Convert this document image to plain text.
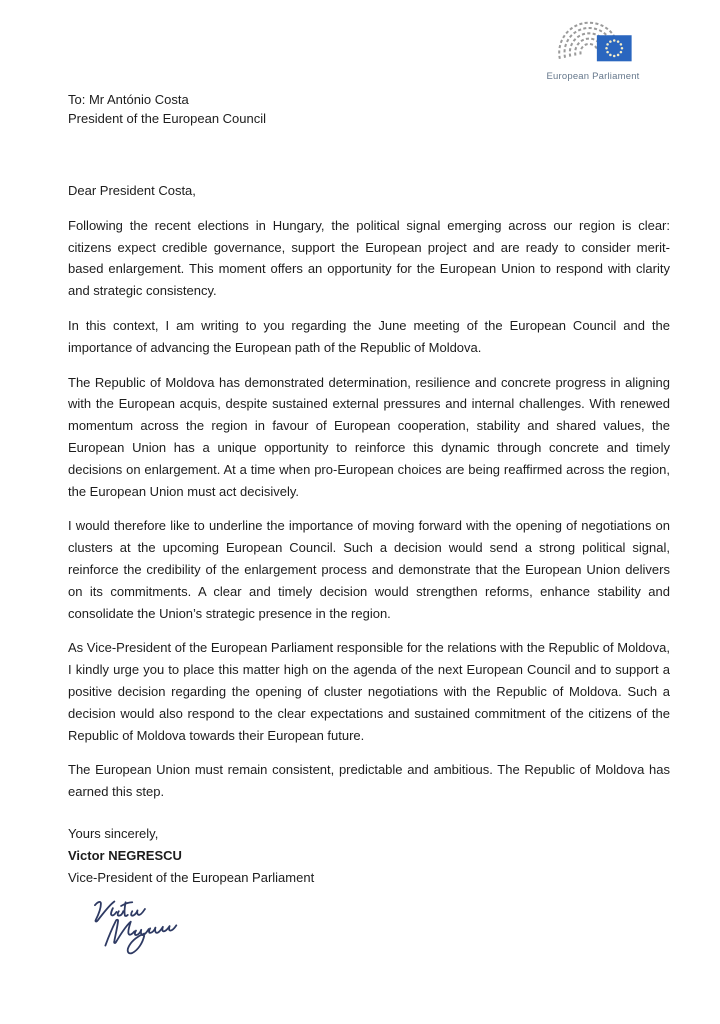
European Parliament
To: Mr António Costa
President of the European Council
Dear President Costa,

Following the recent elections in Hungary, the political signal emerging across our region is clear: citizens expect credible governance, support the European project and are ready to consider merit-based enlargement. This moment offers an opportunity for the European Union to respond with clarity and strategic consistency.

In this context, I am writing to you regarding the June meeting of the European Council and the importance of advancing the European path of the Republic of Moldova.

The Republic of Moldova has demonstrated determination, resilience and concrete progress in aligning with the European acquis, despite sustained external pressures and internal challenges. With renewed momentum across the region in favour of European cooperation, stability and shared values, the European Union has a unique opportunity to reinforce this dynamic through concrete and timely decisions on enlargement. At a time when pro-European choices are being reaffirmed across the region, the European Union must act decisively.

I would therefore like to underline the importance of moving forward with the opening of negotiations on clusters at the upcoming European Council. Such a decision would send a strong political signal, reinforce the credibility of the enlargement process and demonstrate that the European Union delivers on its commitments. A clear and timely decision would strengthen reforms, enhance stability and consolidate the Union’s strategic presence in the region.

As Vice-President of the European Parliament responsible for the relations with the Republic of Moldova, I kindly urge you to place this matter high on the agenda of the next European Council and to support a positive decision regarding the opening of cluster negotiations with the Republic of Moldova. Such a decision would also respond to the clear expectations and sustained commitment of the citizens of the Republic of Moldova towards their European future.

The European Union must remain consistent, predictable and ambitious. The Republic of Moldova has earned this step.

Yours sincerely,
Victor NEGRESCU
Vice-President of the European Parliament
